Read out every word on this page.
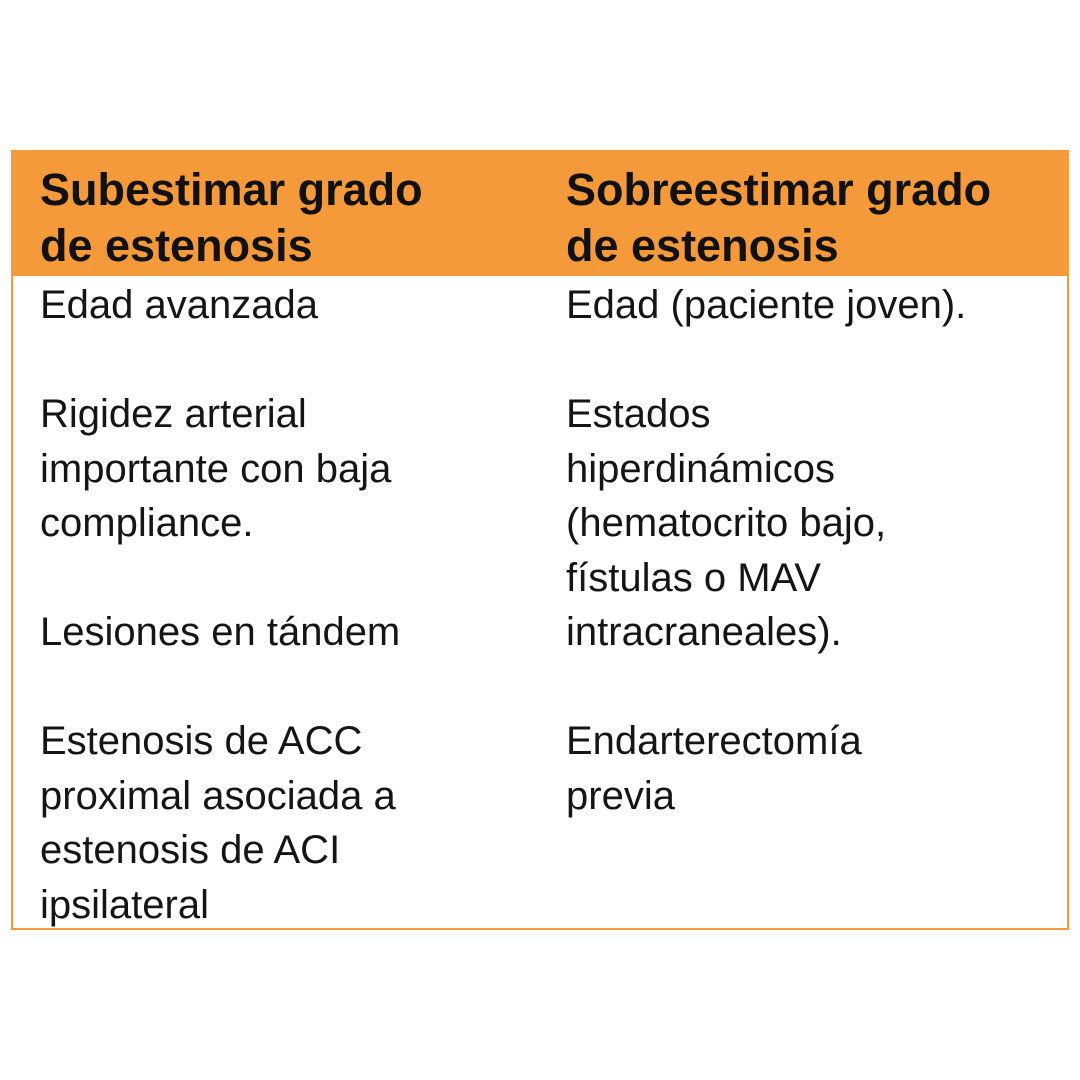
Subestimar grado
de estenosis
Sobreestimar grado
de estenosis

Edad avanzada

Rigidez arterial
importante con baja
compliance.

Lesiones en tándem

Estenosis de ACC
proximal asociada a
estenosis de ACI
ipsilateral

Edad (paciente joven).

Estados
hiperdinámicos
(hematocrito bajo,
fístulas o MAV
intracraneales).

Endarterectomía
previa
